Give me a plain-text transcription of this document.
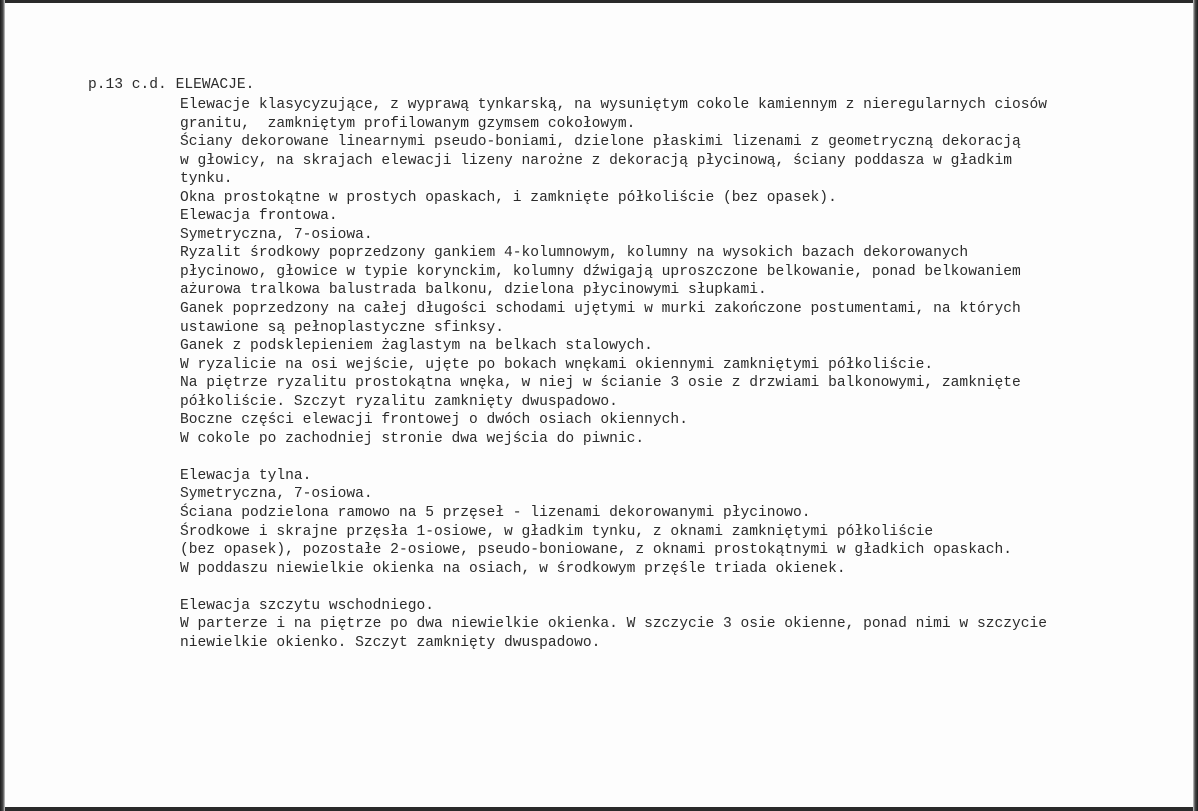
p.13 c.d. ELEWACJE.
Elewacje klasycyzujące, z wyprawą tynkarską, na wysuniętym cokole kamiennym z nieregularnych ciosów
granitu,  zamkniętym profilowanym gzymsem cokołowym.
Ściany dekorowane linearnymi pseudo-boniami, dzielone płaskimi lizenami z geometryczną dekoracją
w głowicy, na skrajach elewacji lizeny narożne z dekoracją płycinową, ściany poddasza w gładkim
tynku.
Okna prostokątne w prostych opaskach, i zamknięte półkoliście (bez opasek).
Elewacja frontowa.
Symetryczna, 7-osiowa.
Ryzalit środkowy poprzedzony gankiem 4-kolumnowym, kolumny na wysokich bazach dekorowanych
płycinowo, głowice w typie korynckim, kolumny dźwigają uproszczone belkowanie, ponad belkowaniem
ażurowa tralkowa balustrada balkonu, dzielona płycinowymi słupkami.
Ganek poprzedzony na całej długości schodami ujętymi w murki zakończone postumentami, na których
ustawione są pełnoplastyczne sfinksy.
Ganek z podsklepieniem żaglastym na belkach stalowych.
W ryzalicie na osi wejście, ujęte po bokach wnękami okiennymi zamkniętymi półkoliście.
Na piętrze ryzalitu prostokątna wnęka, w niej w ścianie 3 osie z drzwiami balkonowymi, zamknięte
półkoliście. Szczyt ryzalitu zamknięty dwuspadowo.
Boczne części elewacji frontowej o dwóch osiach okiennych.
W cokole po zachodniej stronie dwa wejścia do piwnic.
Elewacja tylna.
Symetryczna, 7-osiowa.
Ściana podzielona ramowo na 5 przęseł - lizenami dekorowanymi płycinowo.
Środkowe i skrajne przęsła 1-osiowe, w gładkim tynku, z oknami zamkniętymi półkoliście
(bez opasek), pozostałe 2-osiowe, pseudo-boniowane, z oknami prostokątnymi w gładkich opaskach.
W poddaszu niewielkie okienka na osiach, w środkowym przęśle triada okienek.
Elewacja szczytu wschodniego.
W parterze i na piętrze po dwa niewielkie okienka. W szczycie 3 osie okienne, ponad nimi w szczycie
niewielkie okienko. Szczyt zamknięty dwuspadowo.
